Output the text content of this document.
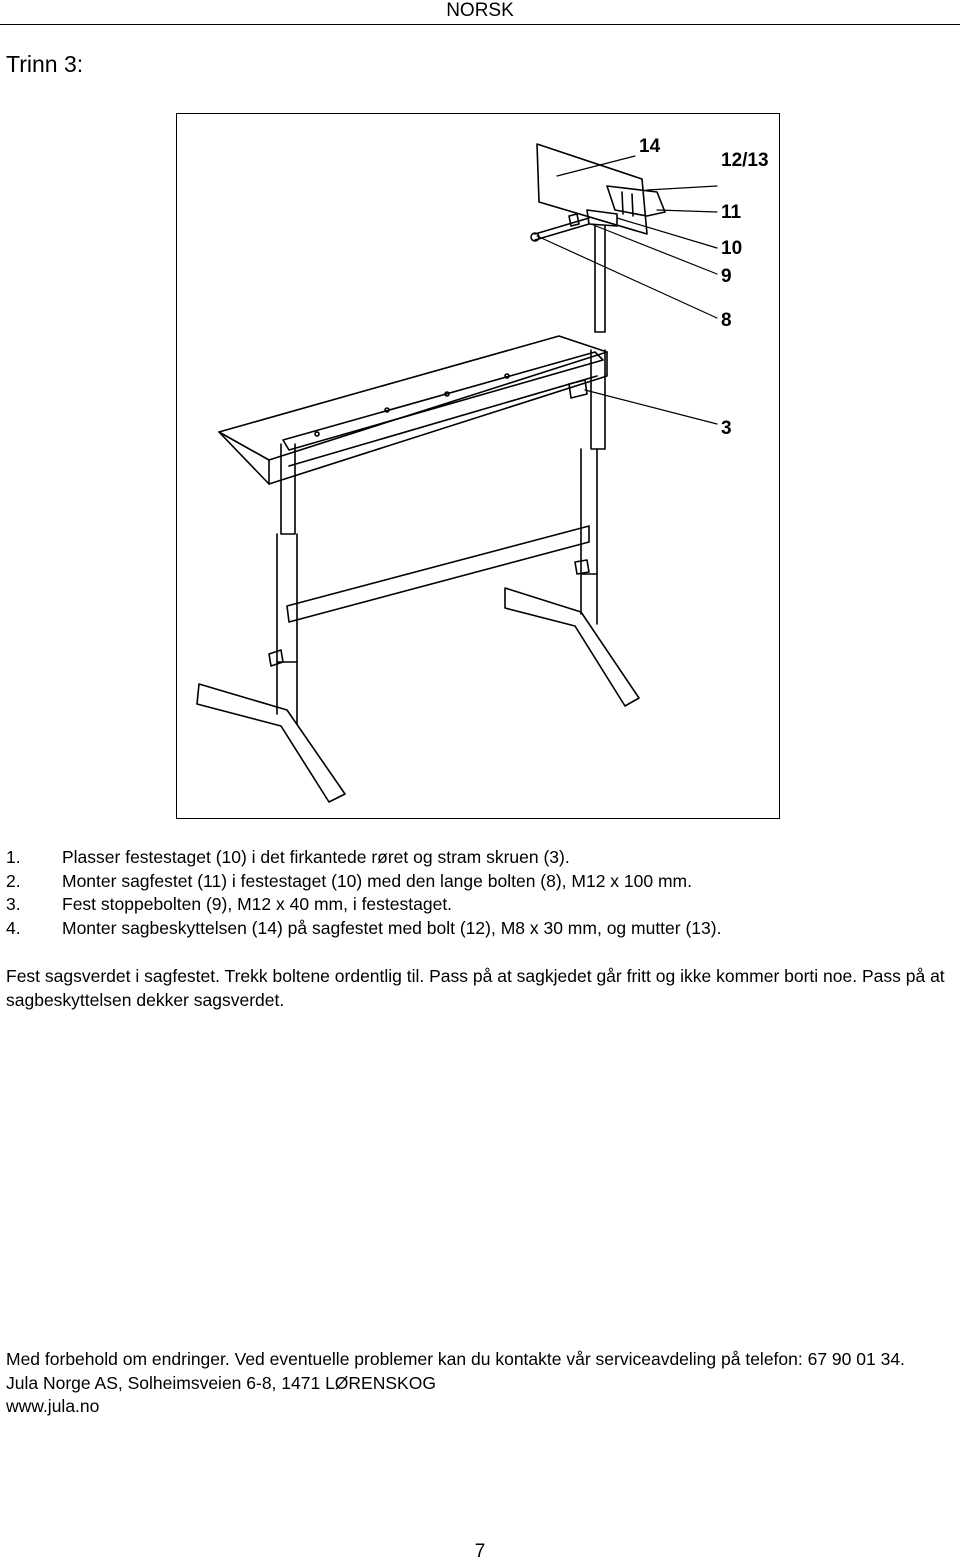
NORSK
Trinn 3:
14
12/13
11
10
9
8
3
1. Plasser festestaget (10) i det firkantede røret og stram skruen (3).
2. Monter sagfestet (11) i festestaget (10) med den lange bolten (8), M12 x 100 mm.
3. Fest stoppebolten (9), M12 x 40 mm, i festestaget.
4. Monter sagbeskyttelsen (14) på sagfestet med bolt (12), M8 x 30 mm, og mutter (13).

Fest sagsverdet i sagfestet. Trekk boltene ordentlig til. Pass på at sagkjedet går fritt og ikke kommer borti noe. Pass på at sagbeskyttelsen dekker sagsverdet.

Med forbehold om endringer. Ved eventuelle problemer kan du kontakte vår serviceavdeling på telefon: 67 90 01 34.

Jula Norge AS, Solheimsveien 6-8, 1471 LØRENSKOG

www.jula.no

7
